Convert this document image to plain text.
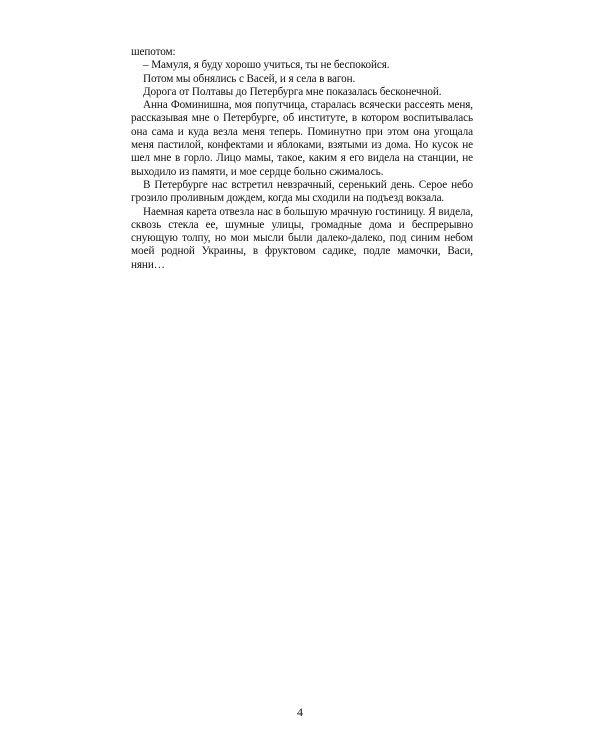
шепотом:

– Мамуля, я буду хорошо учиться, ты не беспокойся.

Потом мы обнялись с Васей, и я села в вагон.

Дорога от Полтавы до Петербурга мне показалась бесконечной.

Анна Фоминишна, моя попутчица, старалась всячески рассеять меня, рассказывая мне о Петербурге, об институте, в котором воспитывалась она сама и куда везла меня теперь. Поминутно при этом она угощала меня пастилой, конфектами и яблоками, взятыми из дома. Но кусок не шел мне в горло. Лицо мамы, такое, каким я его видела на станции, не выходило из памяти, и мое сердце больно сжималось.

В Петербурге нас встретил невзрачный, серенький день. Серое небо грозило проливным дождем, когда мы сходили на подъезд вокзала.

Наемная карета отвезла нас в большую мрачную гостиницу. Я видела, сквозь стекла ее, шумные улицы, громадные дома и беспрерывно снующую толпу, но мои мысли были далеко-далеко, под синим небом моей родной Украины, в фруктовом садике, подле мамочки, Васи, няни…

4
